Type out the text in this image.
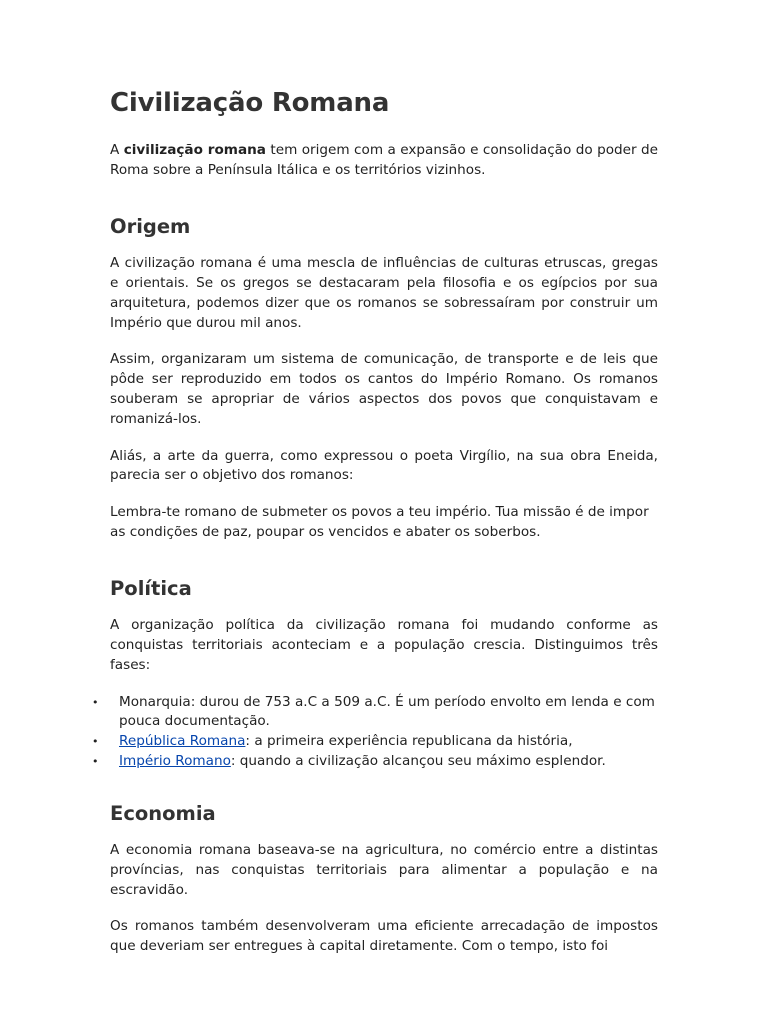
Civilização Romana

A civilização romana tem origem com a expansão e consolidação do poder de Roma sobre a Península Itálica e os territórios vizinhos.

Origem

A civilização romana é uma mescla de influências de culturas etruscas, gregas e orientais. Se os gregos se destacaram pela filosofia e os egípcios por sua arquitetura, podemos dizer que os romanos se sobressaíram por construir um Império que durou mil anos.

Assim, organizaram um sistema de comunicação, de transporte e de leis que pôde ser reproduzido em todos os cantos do Império Romano. Os romanos souberam se apropriar de vários aspectos dos povos que conquistavam e romanizá-los.

Aliás, a arte da guerra, como expressou o poeta Virgílio, na sua obra Eneida, parecia ser o objetivo dos romanos:

Lembra-te romano de submeter os povos a teu império. Tua missão é de impor as condições de paz, poupar os vencidos e abater os soberbos.

Política

A organização política da civilização romana foi mudando conforme as conquistas territoriais aconteciam e a população crescia. Distinguimos três fases:

• Monarquia: durou de 753 a.C a 509 a.C. É um período envolto em lenda e com pouca documentação.
• República Romana: a primeira experiência republicana da história,
• Império Romano: quando a civilização alcançou seu máximo esplendor.
Economia

A economia romana baseava-se na agricultura, no comércio entre a distintas províncias, nas conquistas territoriais para alimentar a população e na escravidão.

Os romanos também desenvolveram uma eficiente arrecadação de impostos que deveriam ser entregues à capital diretamente. Com o tempo, isto foi
